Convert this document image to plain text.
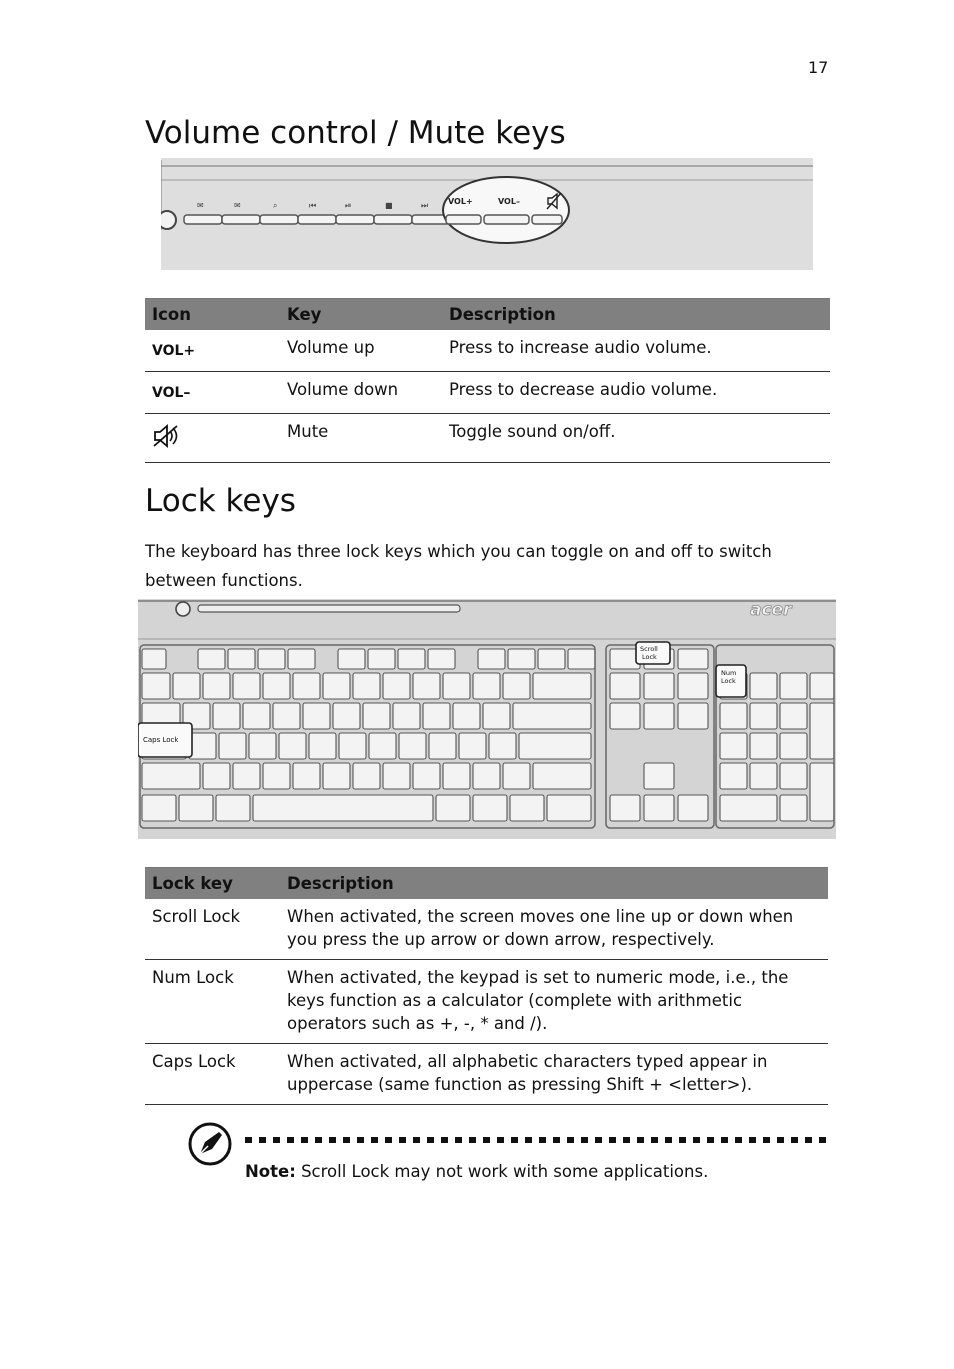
17
Volume control / Mute keys
✉	✉	⌕	⏮	⏯	■	⏭ VOL+	VOL–
Icon	Key	Description
VOL+	Volume up	Press to increase audio volume.
VOL–	Volume down	Press to decrease audio volume.
	Mute	Toggle sound on/off.
Lock keys

The keyboard has three lock keys which you can toggle on and off to switch between functions.

acer
Scroll
Lock
Num
Lock
Caps Lock
Lock key	Description
Scroll Lock	When activated, the screen moves one line up or down when you press the up arrow or down arrow, respectively.
Num Lock	When activated, the keypad is set to numeric mode, i.e., the keys function as a calculator (complete with arithmetic operators such as +, -, * and /).
Caps Lock	When activated, all alphabetic characters typed appear in uppercase (same function as pressing Shift + <letter>).
Note: Scroll Lock may not work with some applications.
